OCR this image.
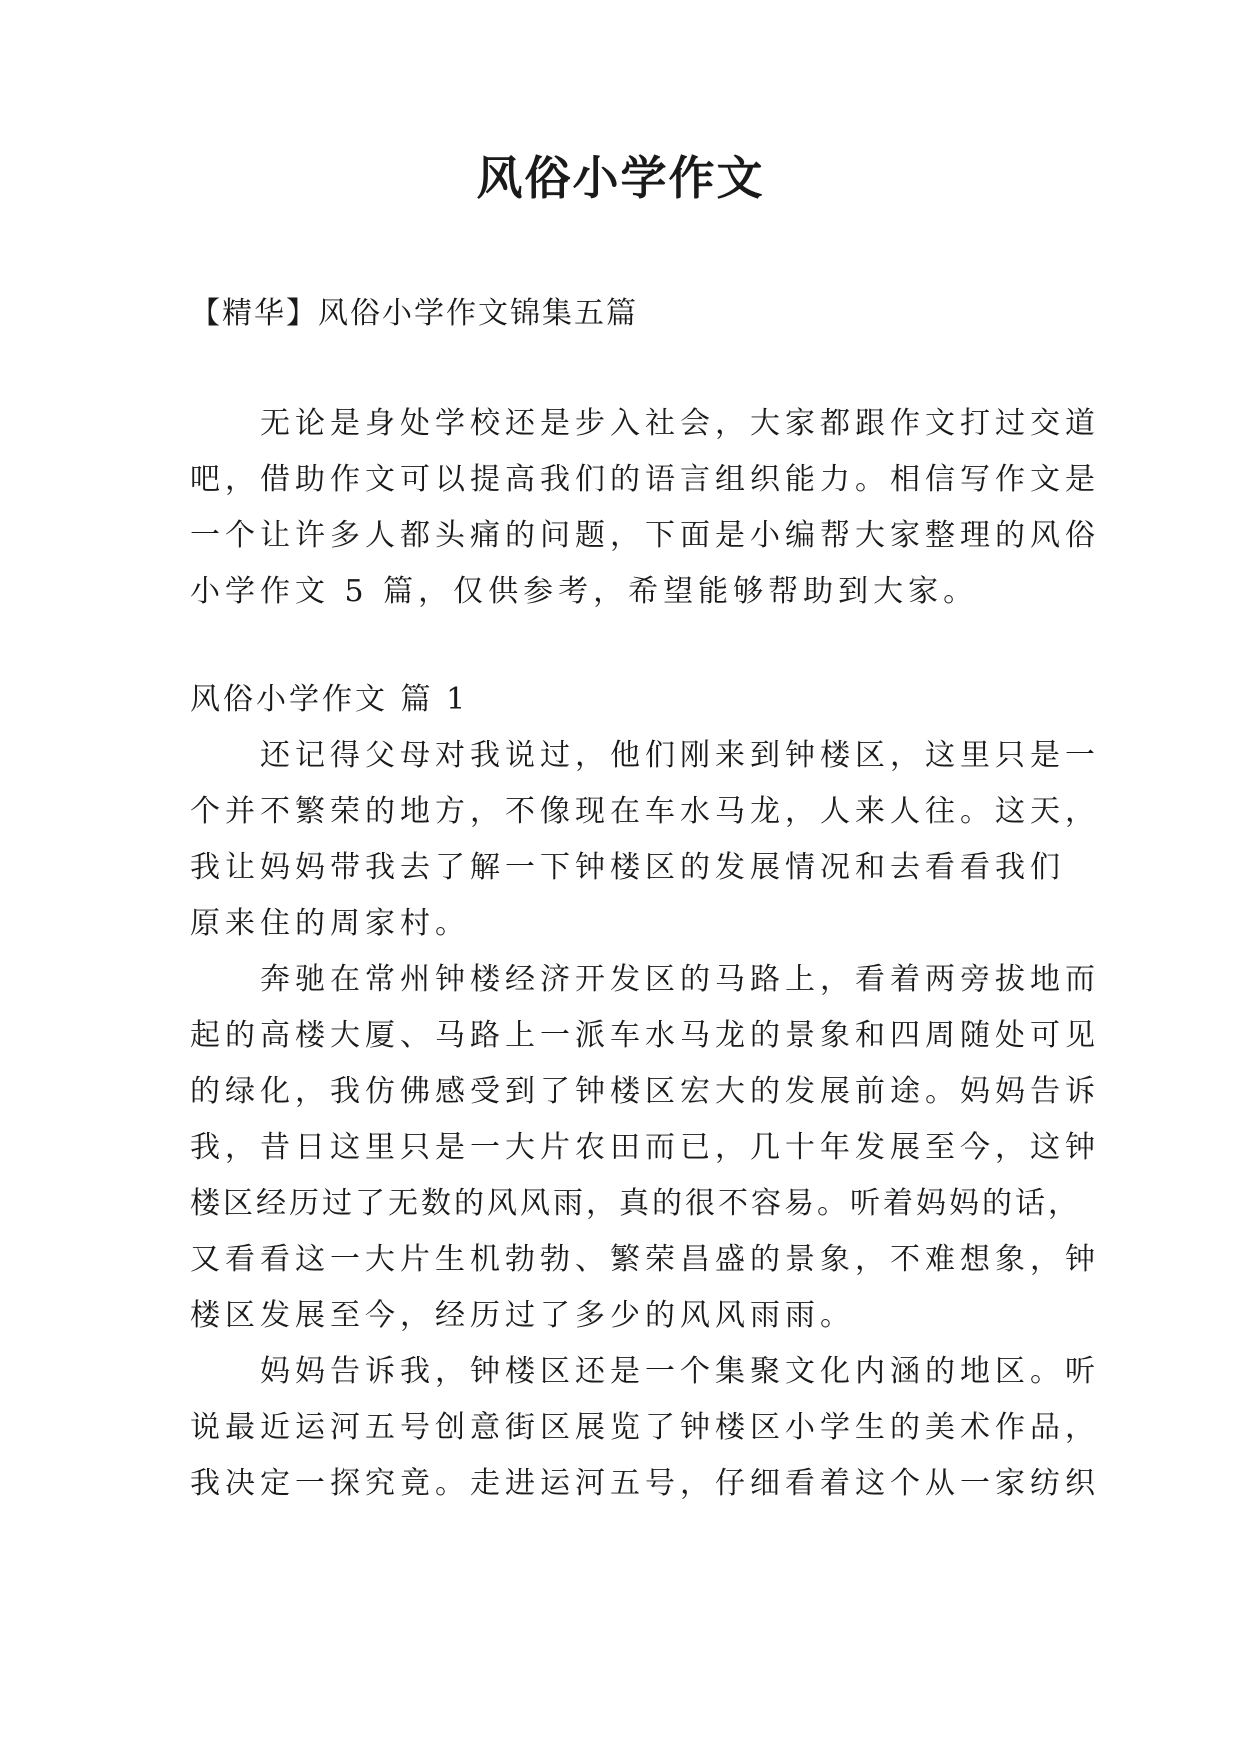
风俗小学作文
【精华】风俗小学作文锦集五篇
　　无论是身处学校还是步入社会，大家都跟作文打过交道
吧，借助作文可以提高我们的语言组织能力。相信写作文是
一个让许多人都头痛的问题，下面是小编帮大家整理的风俗
小学作文 5 篇，仅供参考，希望能够帮助到大家。
风俗小学作文 篇 1
　　还记得父母对我说过，他们刚来到钟楼区，这里只是一
个并不繁荣的地方，不像现在车水马龙，人来人往。这天，
我让妈妈带我去了解一下钟楼区的发展情况和去看看我们
原来住的周家村。
　　奔驰在常州钟楼经济开发区的马路上，看着两旁拔地而
起的高楼大厦、马路上一派车水马龙的景象和四周随处可见
的绿化，我仿佛感受到了钟楼区宏大的发展前途。妈妈告诉
我，昔日这里只是一大片农田而已，几十年发展至今，这钟
楼区经历过了无数的风风雨，真的很不容易。听着妈妈的话，
又看看这一大片生机勃勃、繁荣昌盛的景象，不难想象，钟
楼区发展至今，经历过了多少的风风雨雨。
　　妈妈告诉我，钟楼区还是一个集聚文化内涵的地区。听
说最近运河五号创意街区展览了钟楼区小学生的美术作品，
我决定一探究竟。走进运河五号，仔细看着这个从一家纺织
